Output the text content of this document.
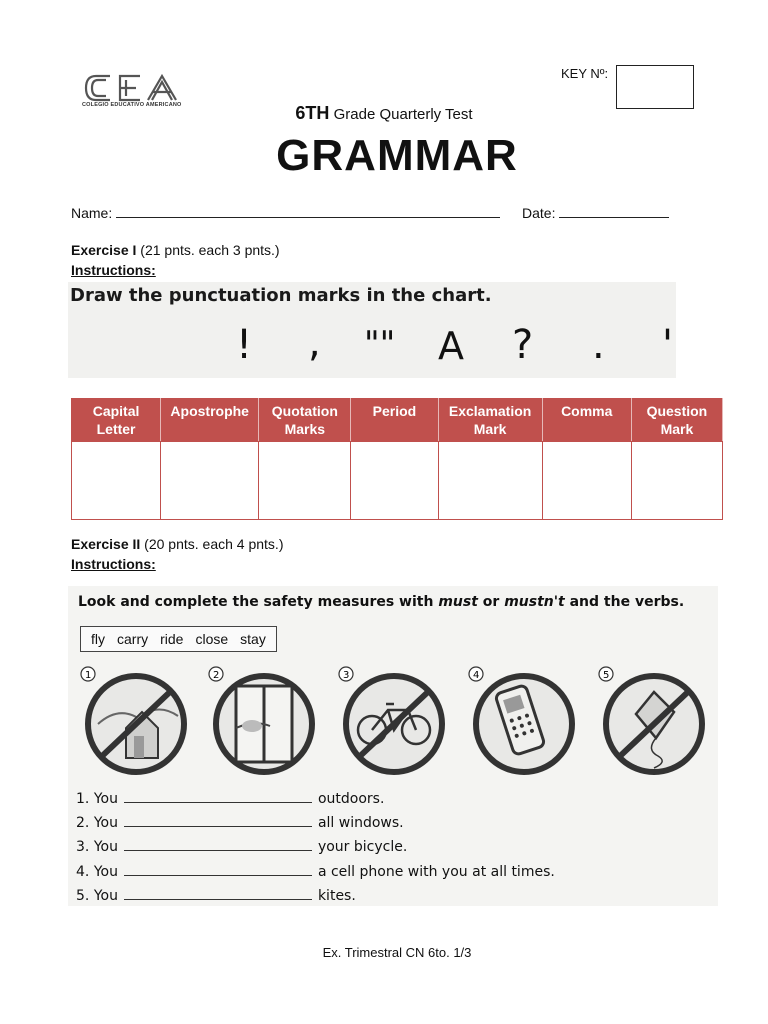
COLEGIO EDUCATIVO AMERICANO
KEY Nº:
6TH Grade Quarterly Test
GRAMMAR
Name:	Date:
Exercise I (21 pnts. each 3 pnts.)
Instructions:
Draw the punctuation marks in the chart.
! , "" A ? . '
Capital Letter	Apostrophe	Quotation Marks	Period	Exclamation Mark	Comma	Question Mark

Exercise II (20 pnts. each 4 pnts.)
Instructions:
Look and complete the safety measures with must or mustn't and the verbs.
fly carry ride close stay
1	2	3	4	5
1. You	outdoors.
2. You	all windows.
3. You	your bicycle.
4. You	a cell phone with you at all times.
5. You	kites.
Ex. Trimestral CN 6to. 1/3
